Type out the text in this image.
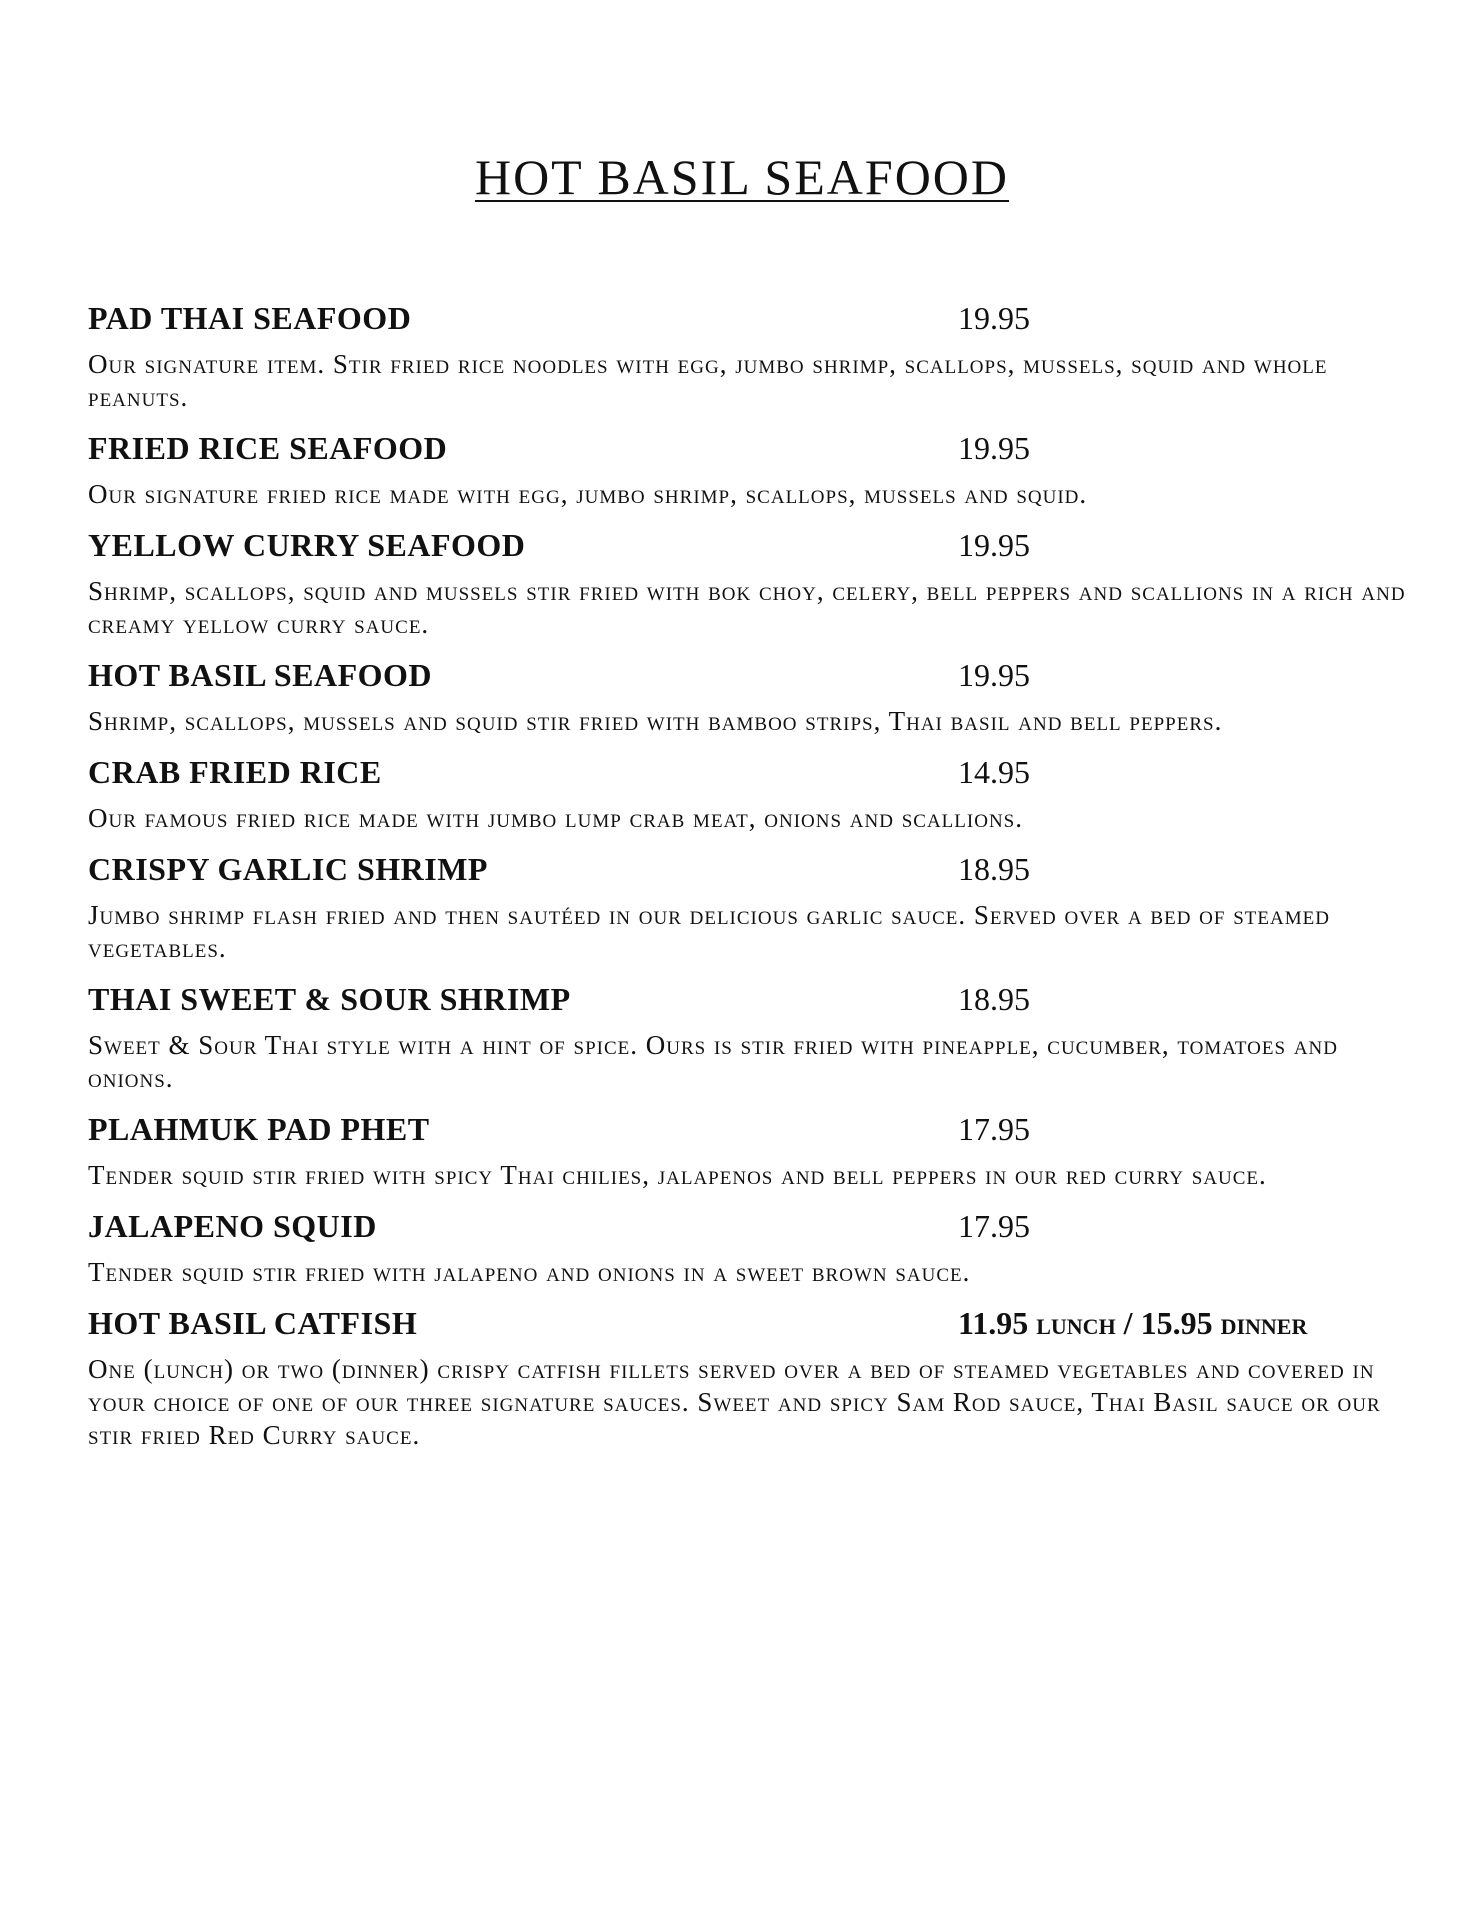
HOT BASIL SEAFOOD
PAD THAI SEAFOOD	19.95
Our signature item. Stir fried rice noodles with egg, jumbo shrimp, scallops, mussels, squid and whole peanuts.
FRIED RICE SEAFOOD	19.95
Our signature fried rice made with egg, jumbo shrimp, scallops, mussels and squid.
YELLOW CURRY SEAFOOD	19.95
Shrimp, scallops, squid and mussels stir fried with bok choy, celery, bell peppers and scallions in a rich and creamy yellow curry sauce.
HOT BASIL SEAFOOD	19.95
Shrimp, scallops, mussels and squid stir fried with bamboo strips, Thai basil and bell peppers.
CRAB FRIED RICE	14.95
Our famous fried rice made with jumbo lump crab meat, onions and scallions.
CRISPY GARLIC SHRIMP	18.95
Jumbo shrimp flash fried and then sautéed in our delicious garlic sauce. Served over a bed of steamed vegetables.
THAI SWEET & SOUR SHRIMP	18.95
Sweet & Sour Thai style with a hint of spice. Ours is stir fried with pineapple, cucumber, tomatoes and onions.
PLAHMUK PAD PHET	17.95
Tender squid stir fried with spicy Thai chilies, jalapenos and bell peppers in our red curry sauce.
JALAPENO SQUID	17.95
Tender squid stir fried with jalapeno and onions in a sweet brown sauce.
HOT BASIL CATFISH	11.95 lunch / 15.95 dinner
One (lunch) or two (dinner) crispy catfish fillets served over a bed of steamed vegetables and covered in your choice of one of our three signature sauces. Sweet and spicy Sam Rod sauce, Thai Basil sauce or our stir fried Red Curry sauce.
